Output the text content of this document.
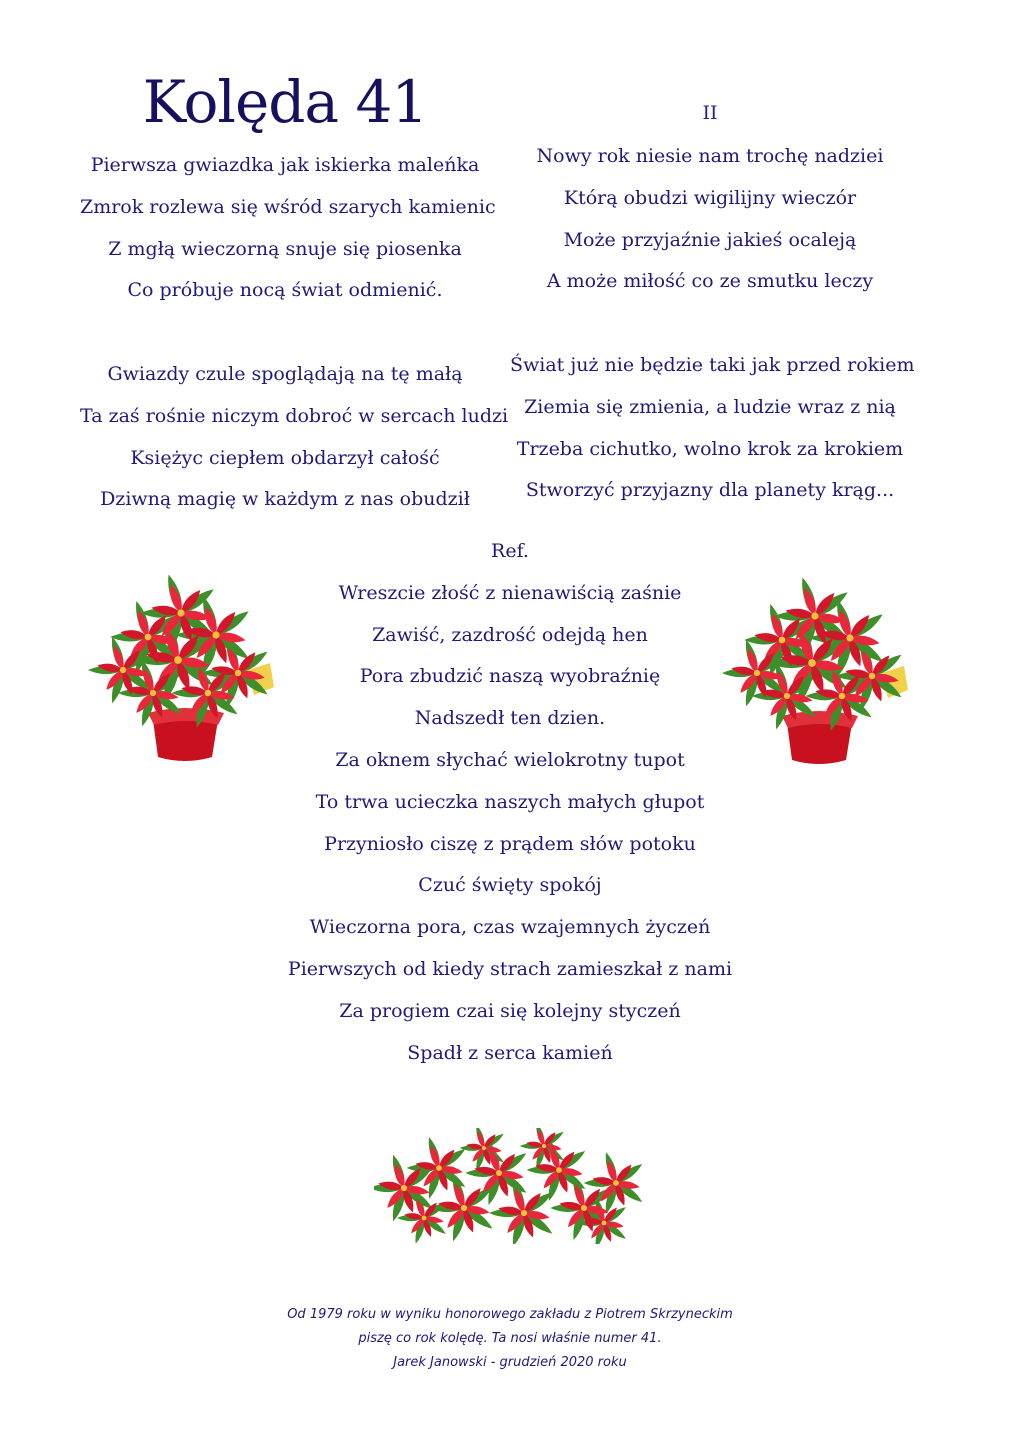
Kolęda 41	II
Pierwsza gwiazdka jak iskierka maleńka
Zmrok rozlewa się wśród szarych kamienic
Z mgłą wieczorną snuje się piosenka
Co próbuje nocą świat odmienić.
Gwiazdy czule spoglądają na tę małą
Ta zaś rośnie niczym dobroć w sercach ludzi
Księżyc ciepłem obdarzył całość
Dziwną magię w każdym z nas obudził
Nowy rok niesie nam trochę nadziei
Którą obudzi wigilijny wieczór
Może przyjaźnie jakieś ocaleją
A może miłość co ze smutku leczy
Świat już nie będzie taki jak przed rokiem
Ziemia się zmienia, a ludzie wraz z nią
Trzeba cichutko, wolno krok za krokiem
Stworzyć przyjazny dla planety krąg...
Ref.
Wreszcie złość z nienawiścią zaśnie
Zawiść, zazdrość odejdą hen
Pora zbudzić naszą wyobraźnię
Nadszedł ten dzien.
Za oknem słychać wielokrotny tupot
To trwa ucieczka naszych małych głupot
Przyniosło ciszę z prądem słów potoku
Czuć święty spokój
Wieczorna pora, czas wzajemnych życzeń
Pierwszych od kiedy strach zamieszkał z nami
Za progiem czai się kolejny styczeń
Spadł z serca kamień
Od 1979 roku w wyniku honorowego zakładu z Piotrem Skrzyneckim
piszę co rok kolędę. Ta nosi właśnie numer 41.
Jarek Janowski - grudzień 2020 roku
